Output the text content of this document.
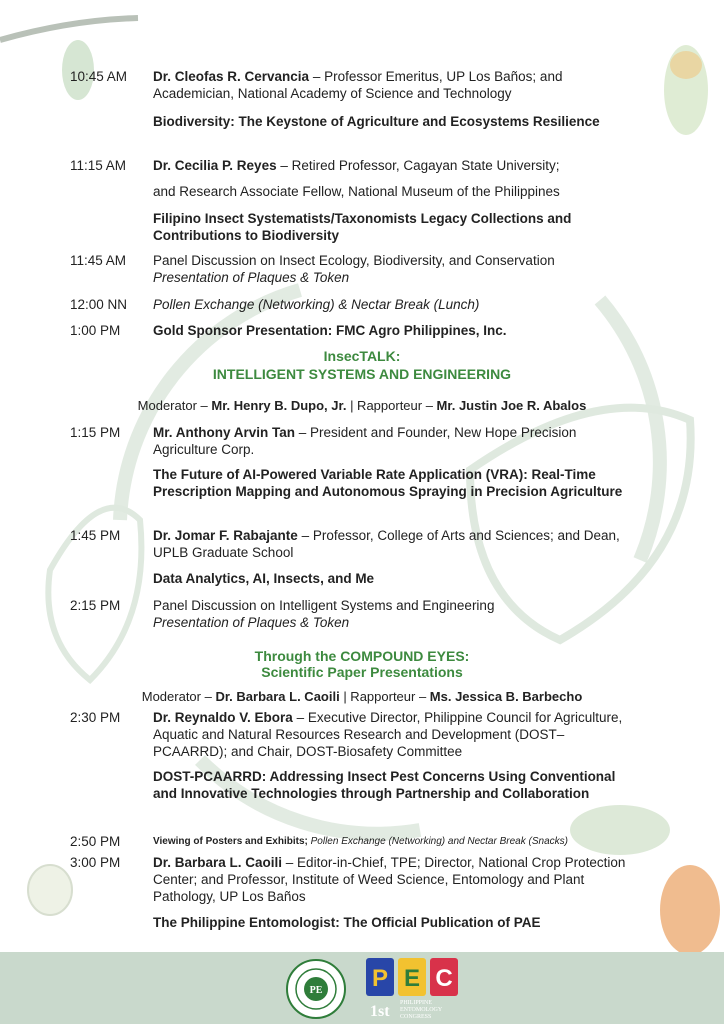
10:45 AM Dr. Cleofas R. Cervancia – Professor Emeritus, UP Los Baños; and Academician, National Academy of Science and Technology
Biodiversity: The Keystone of Agriculture and Ecosystems Resilience
11:15 AM Dr. Cecilia P. Reyes – Retired Professor, Cagayan State University;
and Research Associate Fellow, National Museum of the Philippines
Filipino Insect Systematists/Taxonomists Legacy Collections and Contributions to Biodiversity
11:45 AM Panel Discussion on Insect Ecology, Biodiversity, and Conservation
Presentation of Plaques & Token
12:00 NN Pollen Exchange (Networking) & Nectar Break (Lunch)
1:00 PM Gold Sponsor Presentation: FMC Agro Philippines, Inc.
InsecTALK:
INTELLIGENT SYSTEMS AND ENGINEERING
Moderator – Mr. Henry B. Dupo, Jr. | Rapporteur – Mr. Justin Joe R. Abalos
1:15 PM Mr. Anthony Arvin Tan – President and Founder, New Hope Precision Agriculture Corp.
The Future of AI-Powered Variable Rate Application (VRA): Real-Time Prescription Mapping and Autonomous Spraying in Precision Agriculture
1:45 PM Dr. Jomar F. Rabajante – Professor, College of Arts and Sciences; and Dean, UPLB Graduate School
Data Analytics, AI, Insects, and Me
2:15 PM Panel Discussion on Intelligent Systems and Engineering
Presentation of Plaques & Token
Through the COMPOUND EYES:
Scientific Paper Presentations
Moderator – Dr. Barbara L. Caoili | Rapporteur – Ms. Jessica B. Barbecho
2:30 PM Dr. Reynaldo V. Ebora – Executive Director, Philippine Council for Agriculture, Aquatic and Natural Resources Research and Development (DOST–PCAARRD); and Chair, DOST-Biosafety Committee
DOST-PCAARRD: Addressing Insect Pest Concerns Using Conventional and Innovative Technologies through Partnership and Collaboration
2:50 PM	Viewing of Posters and Exhibits; Pollen Exchange (Networking) and Nectar Break (Snacks)
3:00 PM Dr. Barbara L. Caoili – Editor-in-Chief, TPE; Director, National Crop Protection Center; and Professor, Institute of Weed Science, Entomology and Plant Pathology, UP Los Baños
The Philippine Entomologist: The Official Publication of PAE
PE P E C
1st PHILIPPINE
ENTOMOLOGY
CONGRESS
